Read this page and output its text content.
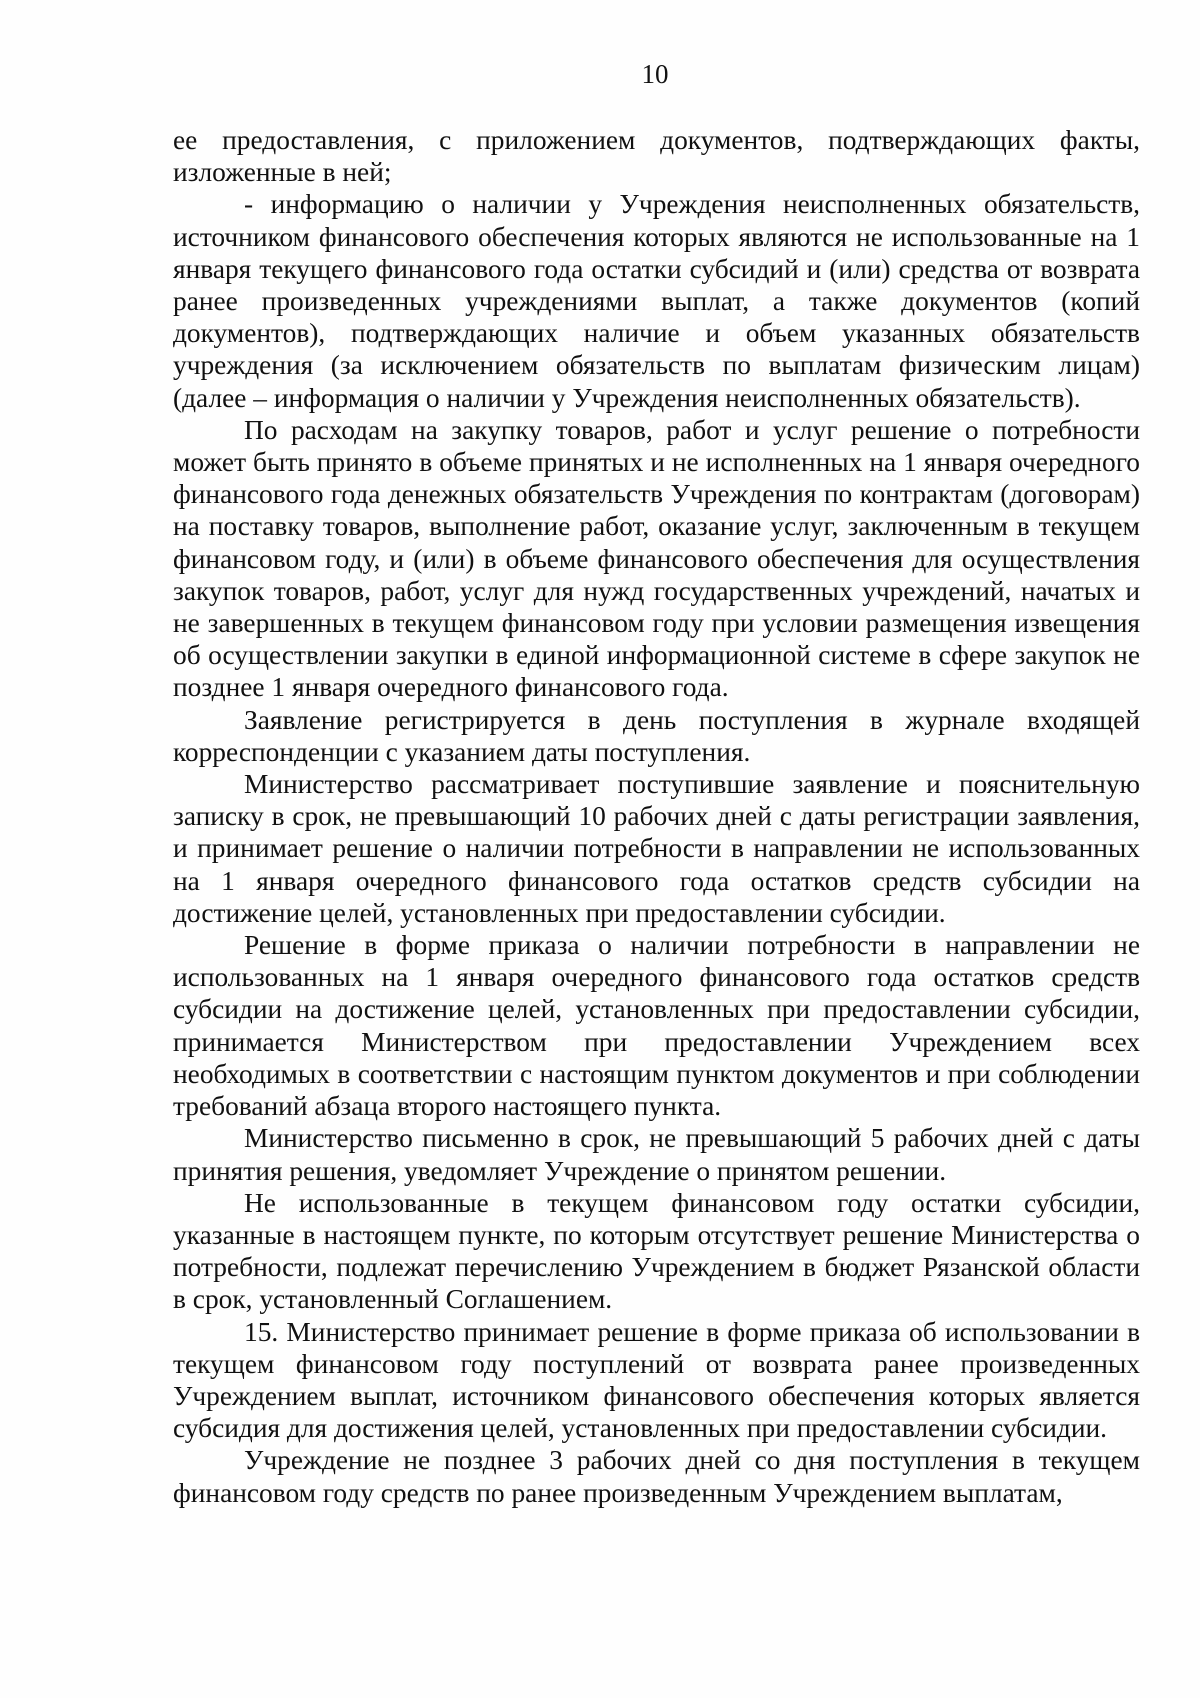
10

ее предоставления, с приложением документов, подтверждающих факты, изложенные в ней;

- информацию о наличии у Учреждения неисполненных обязательств, источником финансового обеспечения которых являются не использованные на 1 января текущего финансового года остатки субсидий и (или) средства от возврата ранее произведенных учреждениями выплат, а также документов (копий документов), подтверждающих наличие и объем указанных обязательств учреждения (за исключением обязательств по выплатам физическим лицам) (далее – информация о наличии у Учреждения неисполненных обязательств).

По расходам на закупку товаров, работ и услуг решение о потребности может быть принято в объеме принятых и не исполненных на 1 января очередного финансового года денежных обязательств Учреждения по контрактам (договорам) на поставку товаров, выполнение работ, оказание услуг, заключенным в текущем финансовом году, и (или) в объеме финансового обеспечения для осуществления закупок товаров, работ, услуг для нужд государственных учреждений, начатых и не завершенных в текущем финансовом году при условии размещения извещения об осуществлении закупки в единой информационной системе в сфере закупок не позднее 1 января очередного финансового года.

Заявление регистрируется в день поступления в журнале входящей корреспонденции с указанием даты поступления.

Министерство рассматривает поступившие заявление и пояснительную записку в срок, не превышающий 10 рабочих дней с даты регистрации заявления, и принимает решение о наличии потребности в направлении не использованных на 1 января очередного финансового года остатков средств субсидии на достижение целей, установленных при предоставлении субсидии.

Решение в форме приказа о наличии потребности в направлении не использованных на 1 января очередного финансового года остатков средств субсидии на достижение целей, установленных при предоставлении субсидии, принимается Министерством при предоставлении Учреждением всех необходимых в соответствии с настоящим пунктом документов и при соблюдении требований абзаца второго настоящего пункта.

Министерство письменно в срок, не превышающий 5 рабочих дней с даты принятия решения, уведомляет Учреждение о принятом решении.

Не использованные в текущем финансовом году остатки субсидии, указанные в настоящем пункте, по которым отсутствует решение Министерства о потребности, подлежат перечислению Учреждением в бюджет Рязанской области в срок, установленный Соглашением.

15. Министерство принимает решение в форме приказа об использовании в текущем финансовом году поступлений от возврата ранее произведенных Учреждением выплат, источником финансового обеспечения которых является субсидия для достижения целей, установленных при предоставлении субсидии.

Учреждение не позднее 3 рабочих дней со дня поступления в текущем финансовом году средств по ранее произведенным Учреждением выплатам,
